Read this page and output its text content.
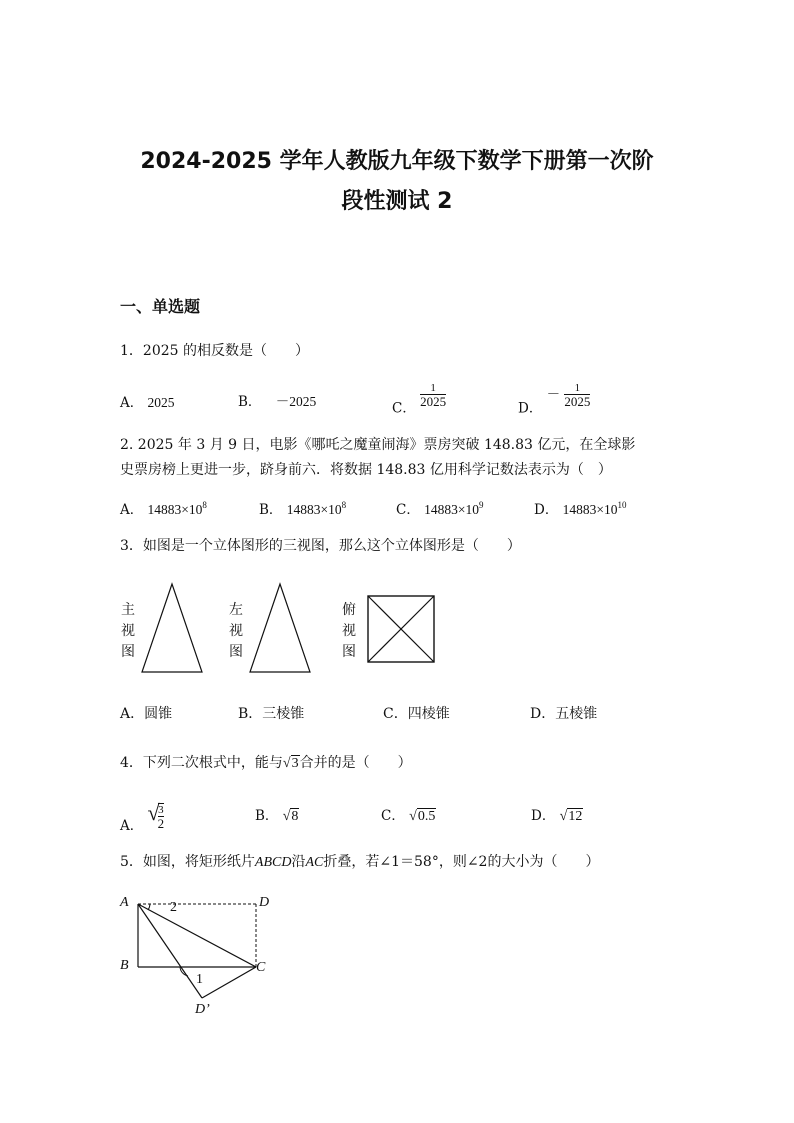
2024-2025 学年人教版九年级下数学下册第一次阶
段性测试 2
一、单选题
1．2025 的相反数是（　　）
A． 2025	B． －2025	C．
$\frac{1}{2025}$
D． － $\frac{1}{2025}$
2. 2025 年 3 月 9 日，电影《哪吒之魔童闹海》票房突破 148.83 亿元，在全球影
史票房榜上更进一步，跻身前六．将数据 148.83 亿用科学记数法表示为（　）
A． $14883\times 10^8$	B． $14883\times 10^8$	C． $14883\times 10^9$	D． $14883\times 10^{10}$
3．如图是一个立体图形的三视图，那么这个立体图形是（　　）
主
视
图
左
视
图
俯
视
图
A．圆锥	B．三棱锥	C．四棱锥	D．五棱锥
4．下列二次根式中，能与√3合并的是（　　）
A． √
$\frac{3}{2}$	B． √8	C． √0.5	D． √12
5．如图，将矩形纸片ABCD沿AC折叠，若∠1＝58°，则∠2的大小为（　　）
A	D
B	C
D’
2
1
